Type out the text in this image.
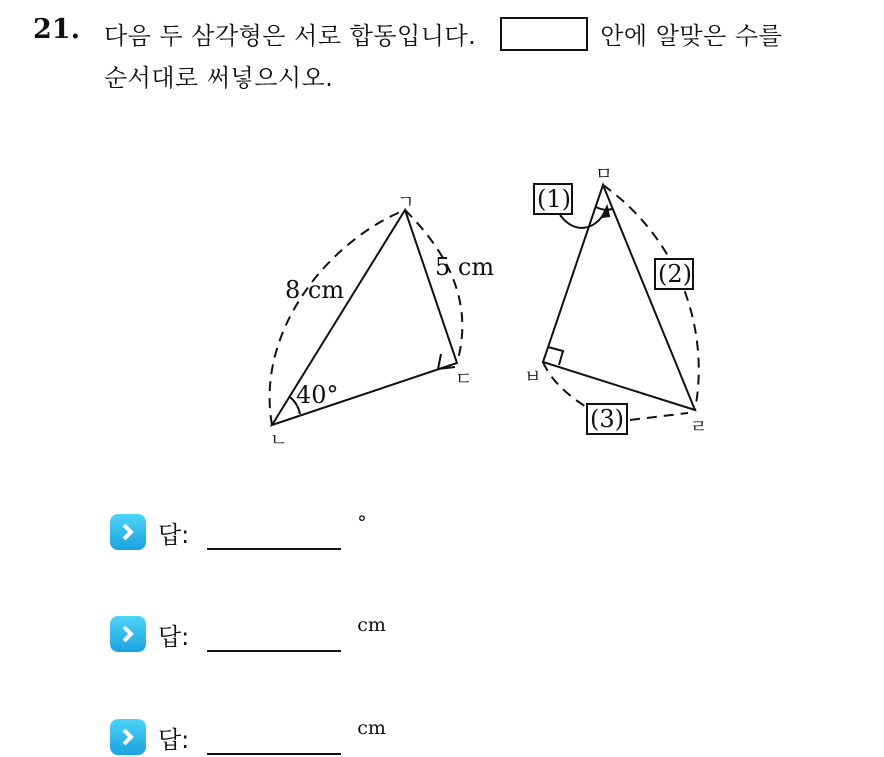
21. 다음 두 삼각형은 서로 합동입니다.	안에 알맞은 수를
순서대로 써넣으시오.
ㄱ
ㄴ
ㄷ
8 cm
5 cm
40°
ㅁ
ㅂ
ㄹ
(1)
(2)
(3)
답:	°
답:	cm
답:	cm
